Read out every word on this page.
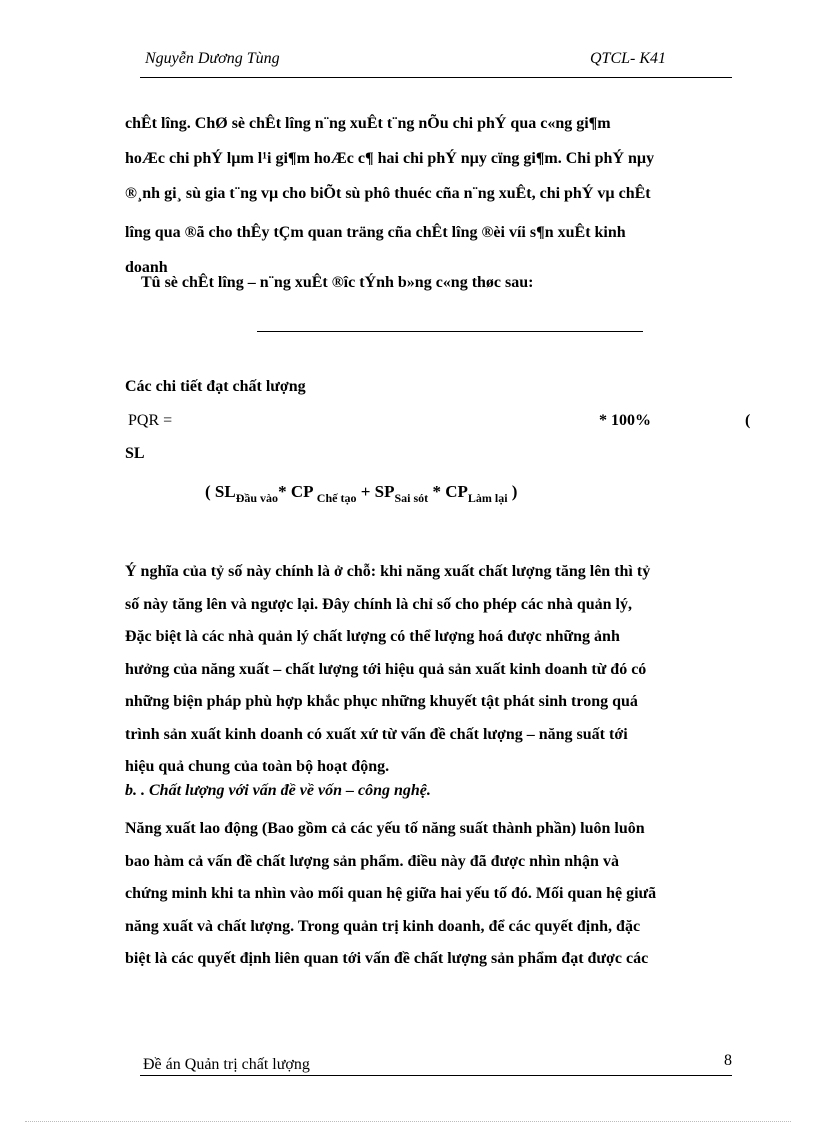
Nguyễn Dương Tùng	QTCL- K41
chÊt lîng. ChØ sè chÊt lîng n¨ng xuÊt t¨ng nÕu chi phÝ qua c«ng gi¶m
hoÆc chi phÝ lµm l¹i gi¶m hoÆc c¶ hai chi phÝ nµy cïng gi¶m. Chi phÝ nµy
®¸nh gi¸ sù gia t¨ng vµ cho biÕt sù phô thuéc cña n¨ng xuÊt, chi phÝ vµ chÊt
lîng qua ®ã cho thÊy tÇm quan träng cña chÊt lîng ®èi víi s¶n xuÊt kinh
doanh
Tû sè chÊt lîng – n¨ng xuÊt ®îc tÝnh b»ng c«ng thøc sau:
Các chi tiết đạt chất lượng
PQR =	* 100%	(
SL
( $SL_{Đầu vào}*$ CP $_{Chế tạo} + SP_{Sai sót} * CP_{Làm lại}$ )
Ý nghĩa của tỷ số này chính là ở chỗ: khi năng xuất chất lượng tăng lên thì tỷ
số này tăng lên và ngược lại. Đây chính là chỉ số cho phép các nhà quản lý,
Đặc biệt là các nhà quản lý chất lượng có thể lượng hoá được những ảnh
hưởng của năng xuất – chất lượng tới hiệu quả sản xuất kinh doanh từ đó có
những biện pháp phù hợp khắc phục những khuyết tật phát sinh trong quá
trình sản xuất kinh doanh có xuất xứ từ vấn đề chất lượng – năng suất tới
hiệu quả chung của toàn bộ hoạt động.
b. . Chất lượng với vấn đề về vốn – công nghệ.
Năng xuất lao động (Bao gồm cả các yếu tố năng suất thành phần) luôn luôn
bao hàm cả vấn đề chất lượng sản phẩm. điều này đã được nhìn nhận và
chứng minh khi ta nhìn vào mối quan hệ giữa hai yếu tố đó. Mối quan hệ giưã
năng xuất và chất lượng. Trong quản trị kinh doanh, để các quyết định, đặc
biệt là các quyết định liên quan tới vấn đề chất lượng sản phẩm đạt được các
Đề án Quản trị chất lượng	8
